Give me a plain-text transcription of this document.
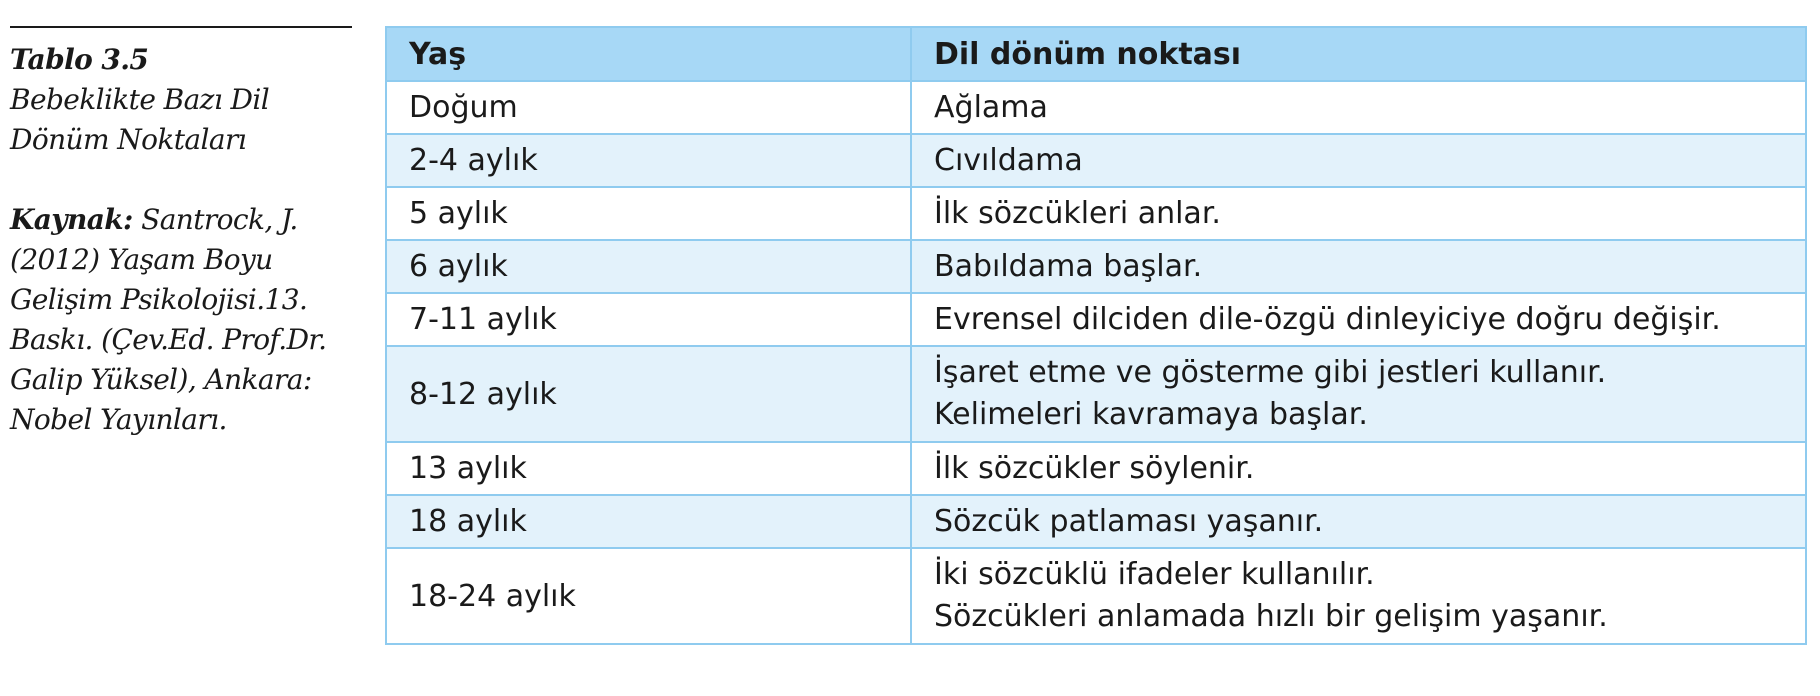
Tablo 3.5
Bebeklikte Bazı Dil
Dönüm Noktaları
Kaynak: Santrock, J.
(2012) Yaşam Boyu
Gelişim Psikolojisi.13.
Baskı. (Çev.Ed. Prof.Dr.
Galip Yüksel), Ankara:
Nobel Yayınları.
Yaş	Dil dönüm noktası
Doğum	Ağlama

2-4 aylık	Cıvıldama

5 aylık	İlk sözcükleri anlar.

6 aylık	Babıldama başlar.

7-11 aylık	Evrensel dilciden dile-özgü dinleyiciye doğru değişir.

8-12 aylık	İşaret etme ve gösterme gibi jestleri kullanır.
Kelimeleri kavramaya başlar.

13 aylık	İlk sözcükler söylenir.

18 aylık	Sözcük patlaması yaşanır.

18-24 aylık	İki sözcüklü ifadeler kullanılır.
Sözcükleri anlamada hızlı bir gelişim yaşanır.
